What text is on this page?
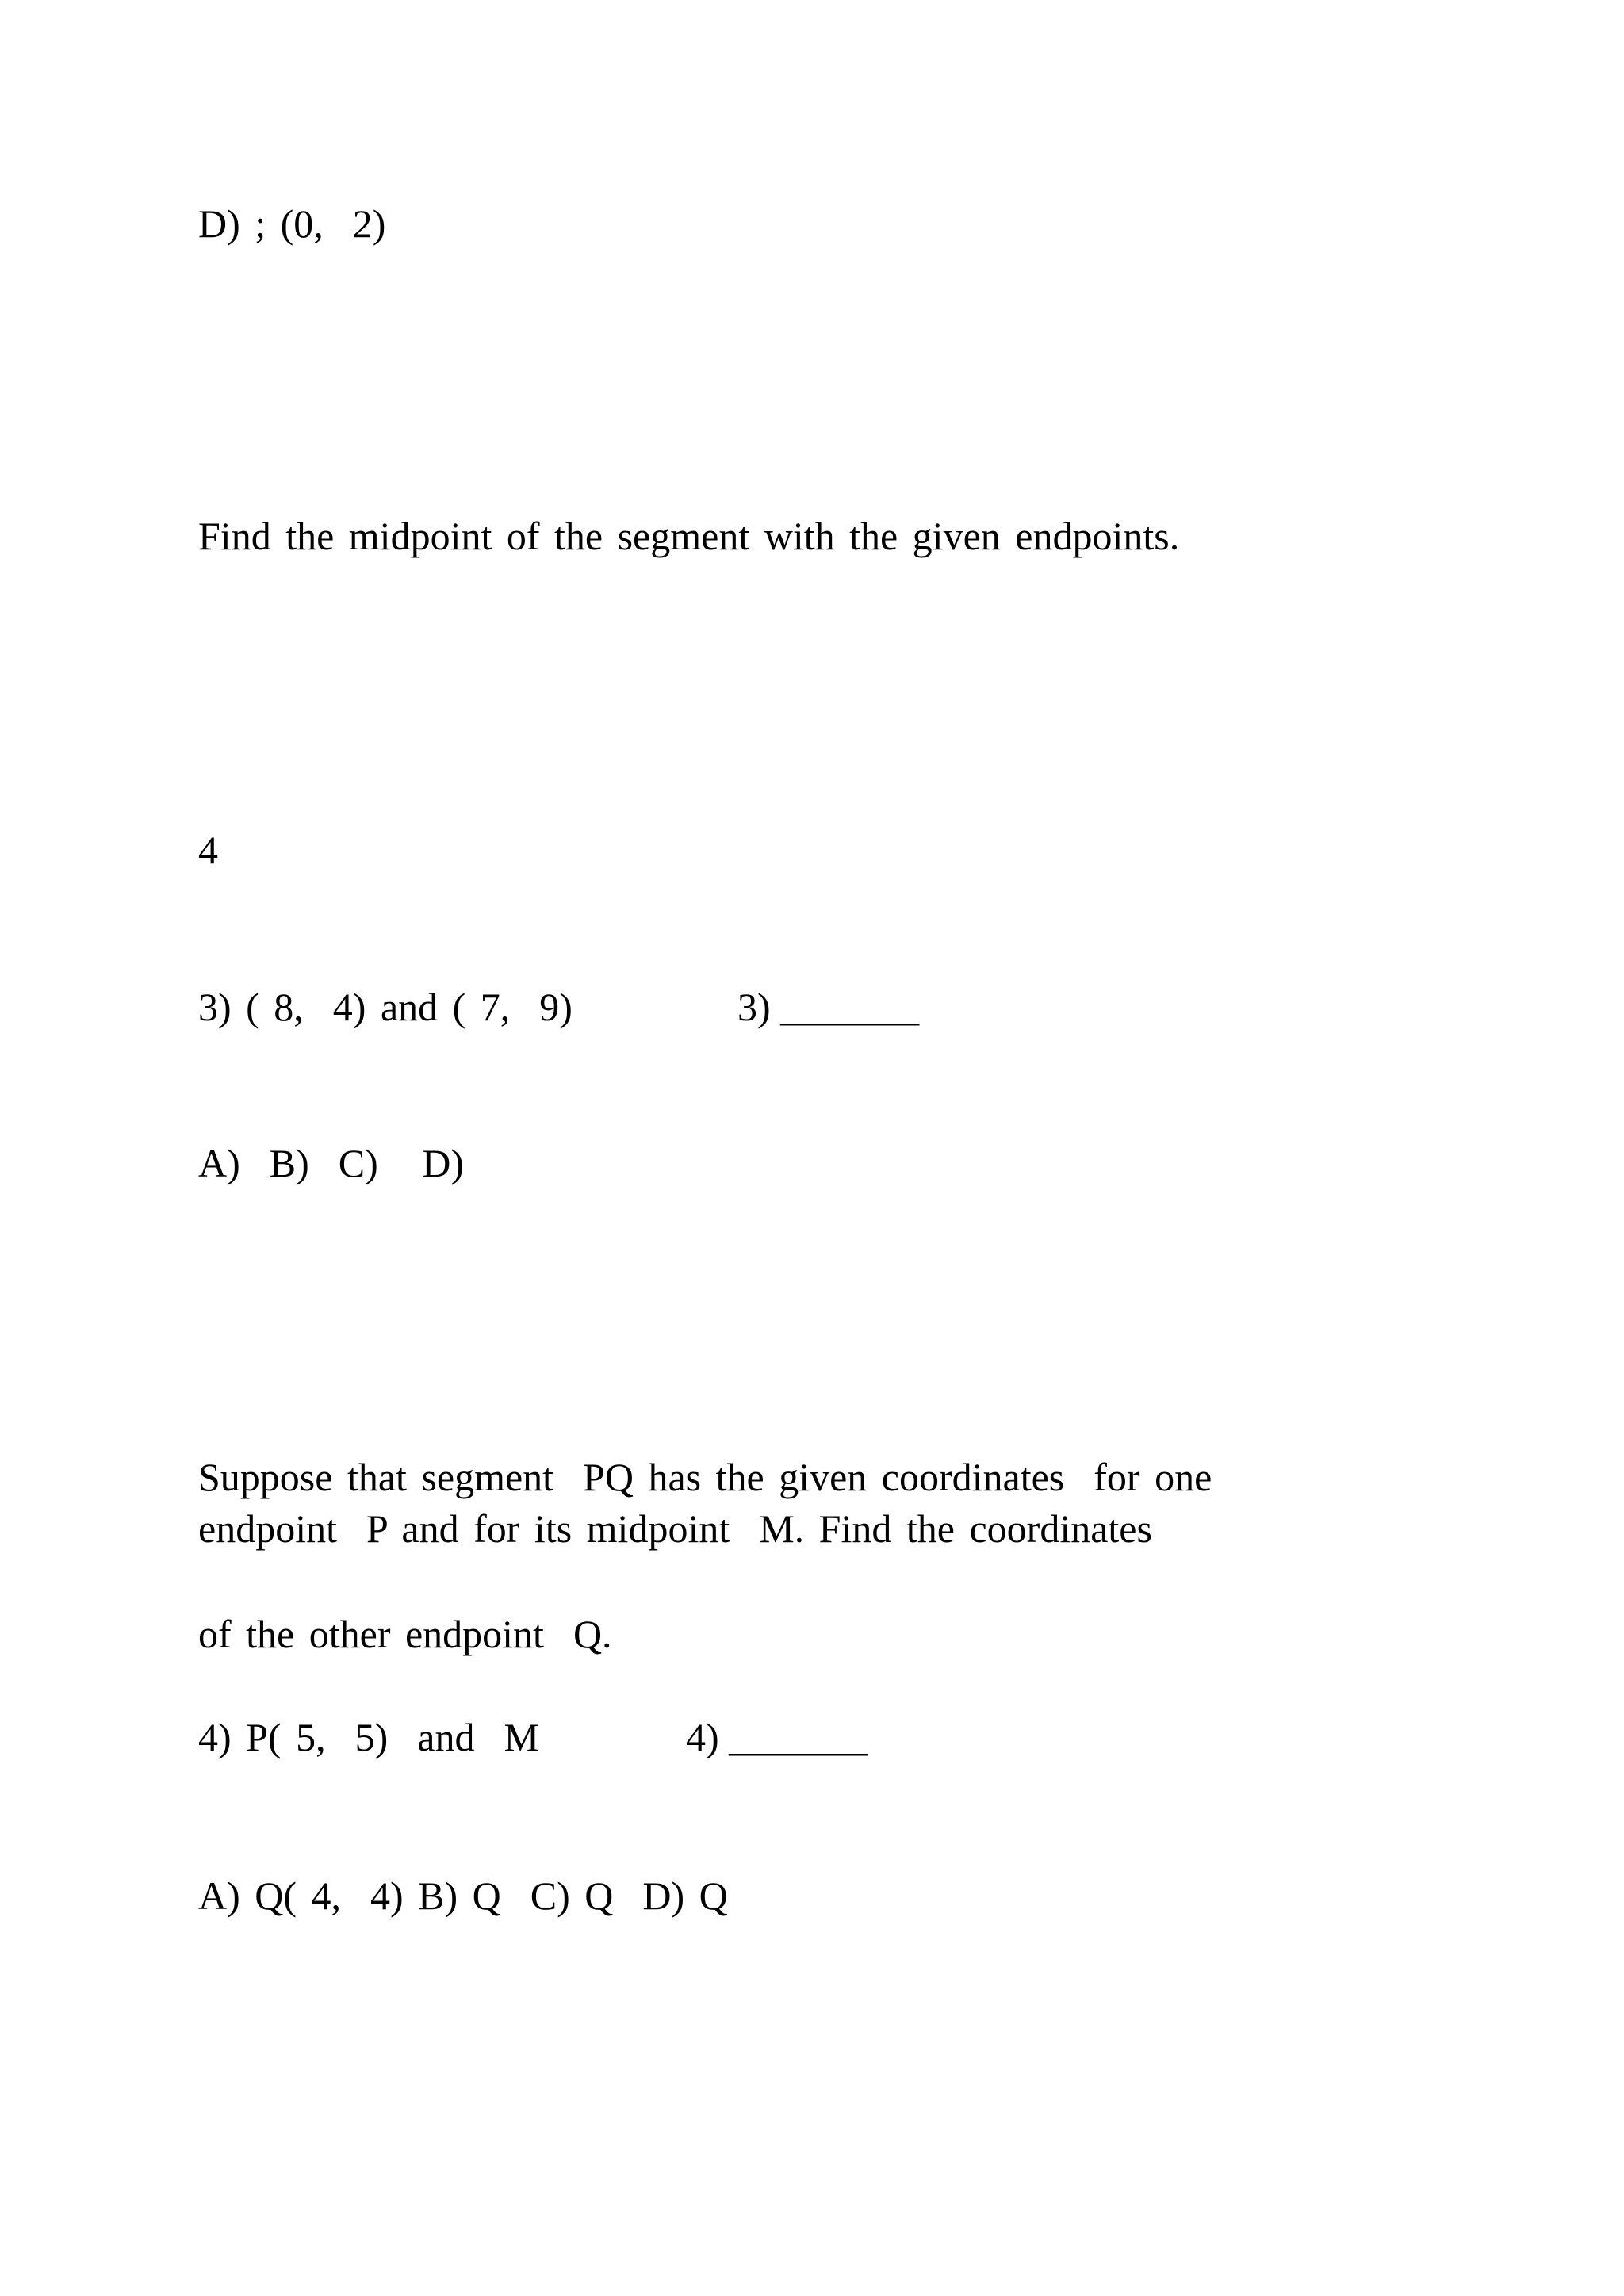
D) ; (0,  2)
Find the midpoint of the segment with the given endpoints.
4
3) ( 8,  4) and ( 7,  9)	3) _______
A)  B)  C)   D)
Suppose that segment  PQ has the given coordinates  for one
endpoint  P and for its midpoint  M. Find the coordinates
of the other endpoint  Q.
4) P( 5,  5)  and  M	4) _______
A) Q( 4,  4) B) Q  C) Q  D) Q
